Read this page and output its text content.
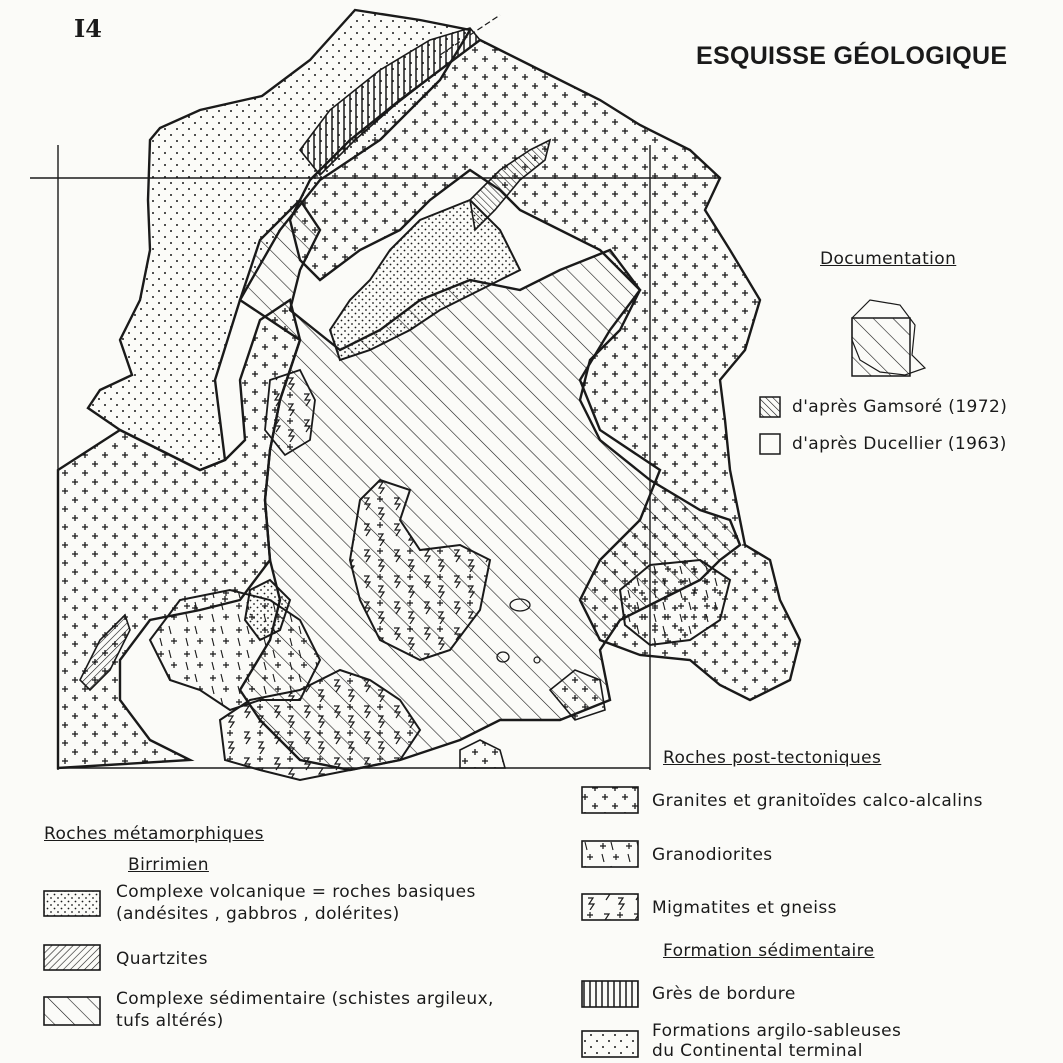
I4
ESQUISSE GÉOLOGIQUE
Documentation
d'après Gamsoré (1972)
d'après Ducellier (1963)
Roches métamorphiques
Birrimien
Complexe volcanique = roches basiques
(andésites , gabbros , dolérites)
Quartzites
Complexe sédimentaire (schistes argileux,
tufs altérés)
Roches post-tectoniques
Granites et granitoïdes calco-alcalins
Granodiorites
Migmatites et gneiss
Formation sédimentaire
Grès de bordure
Formations argilo-sableuses
du Continental terminal
